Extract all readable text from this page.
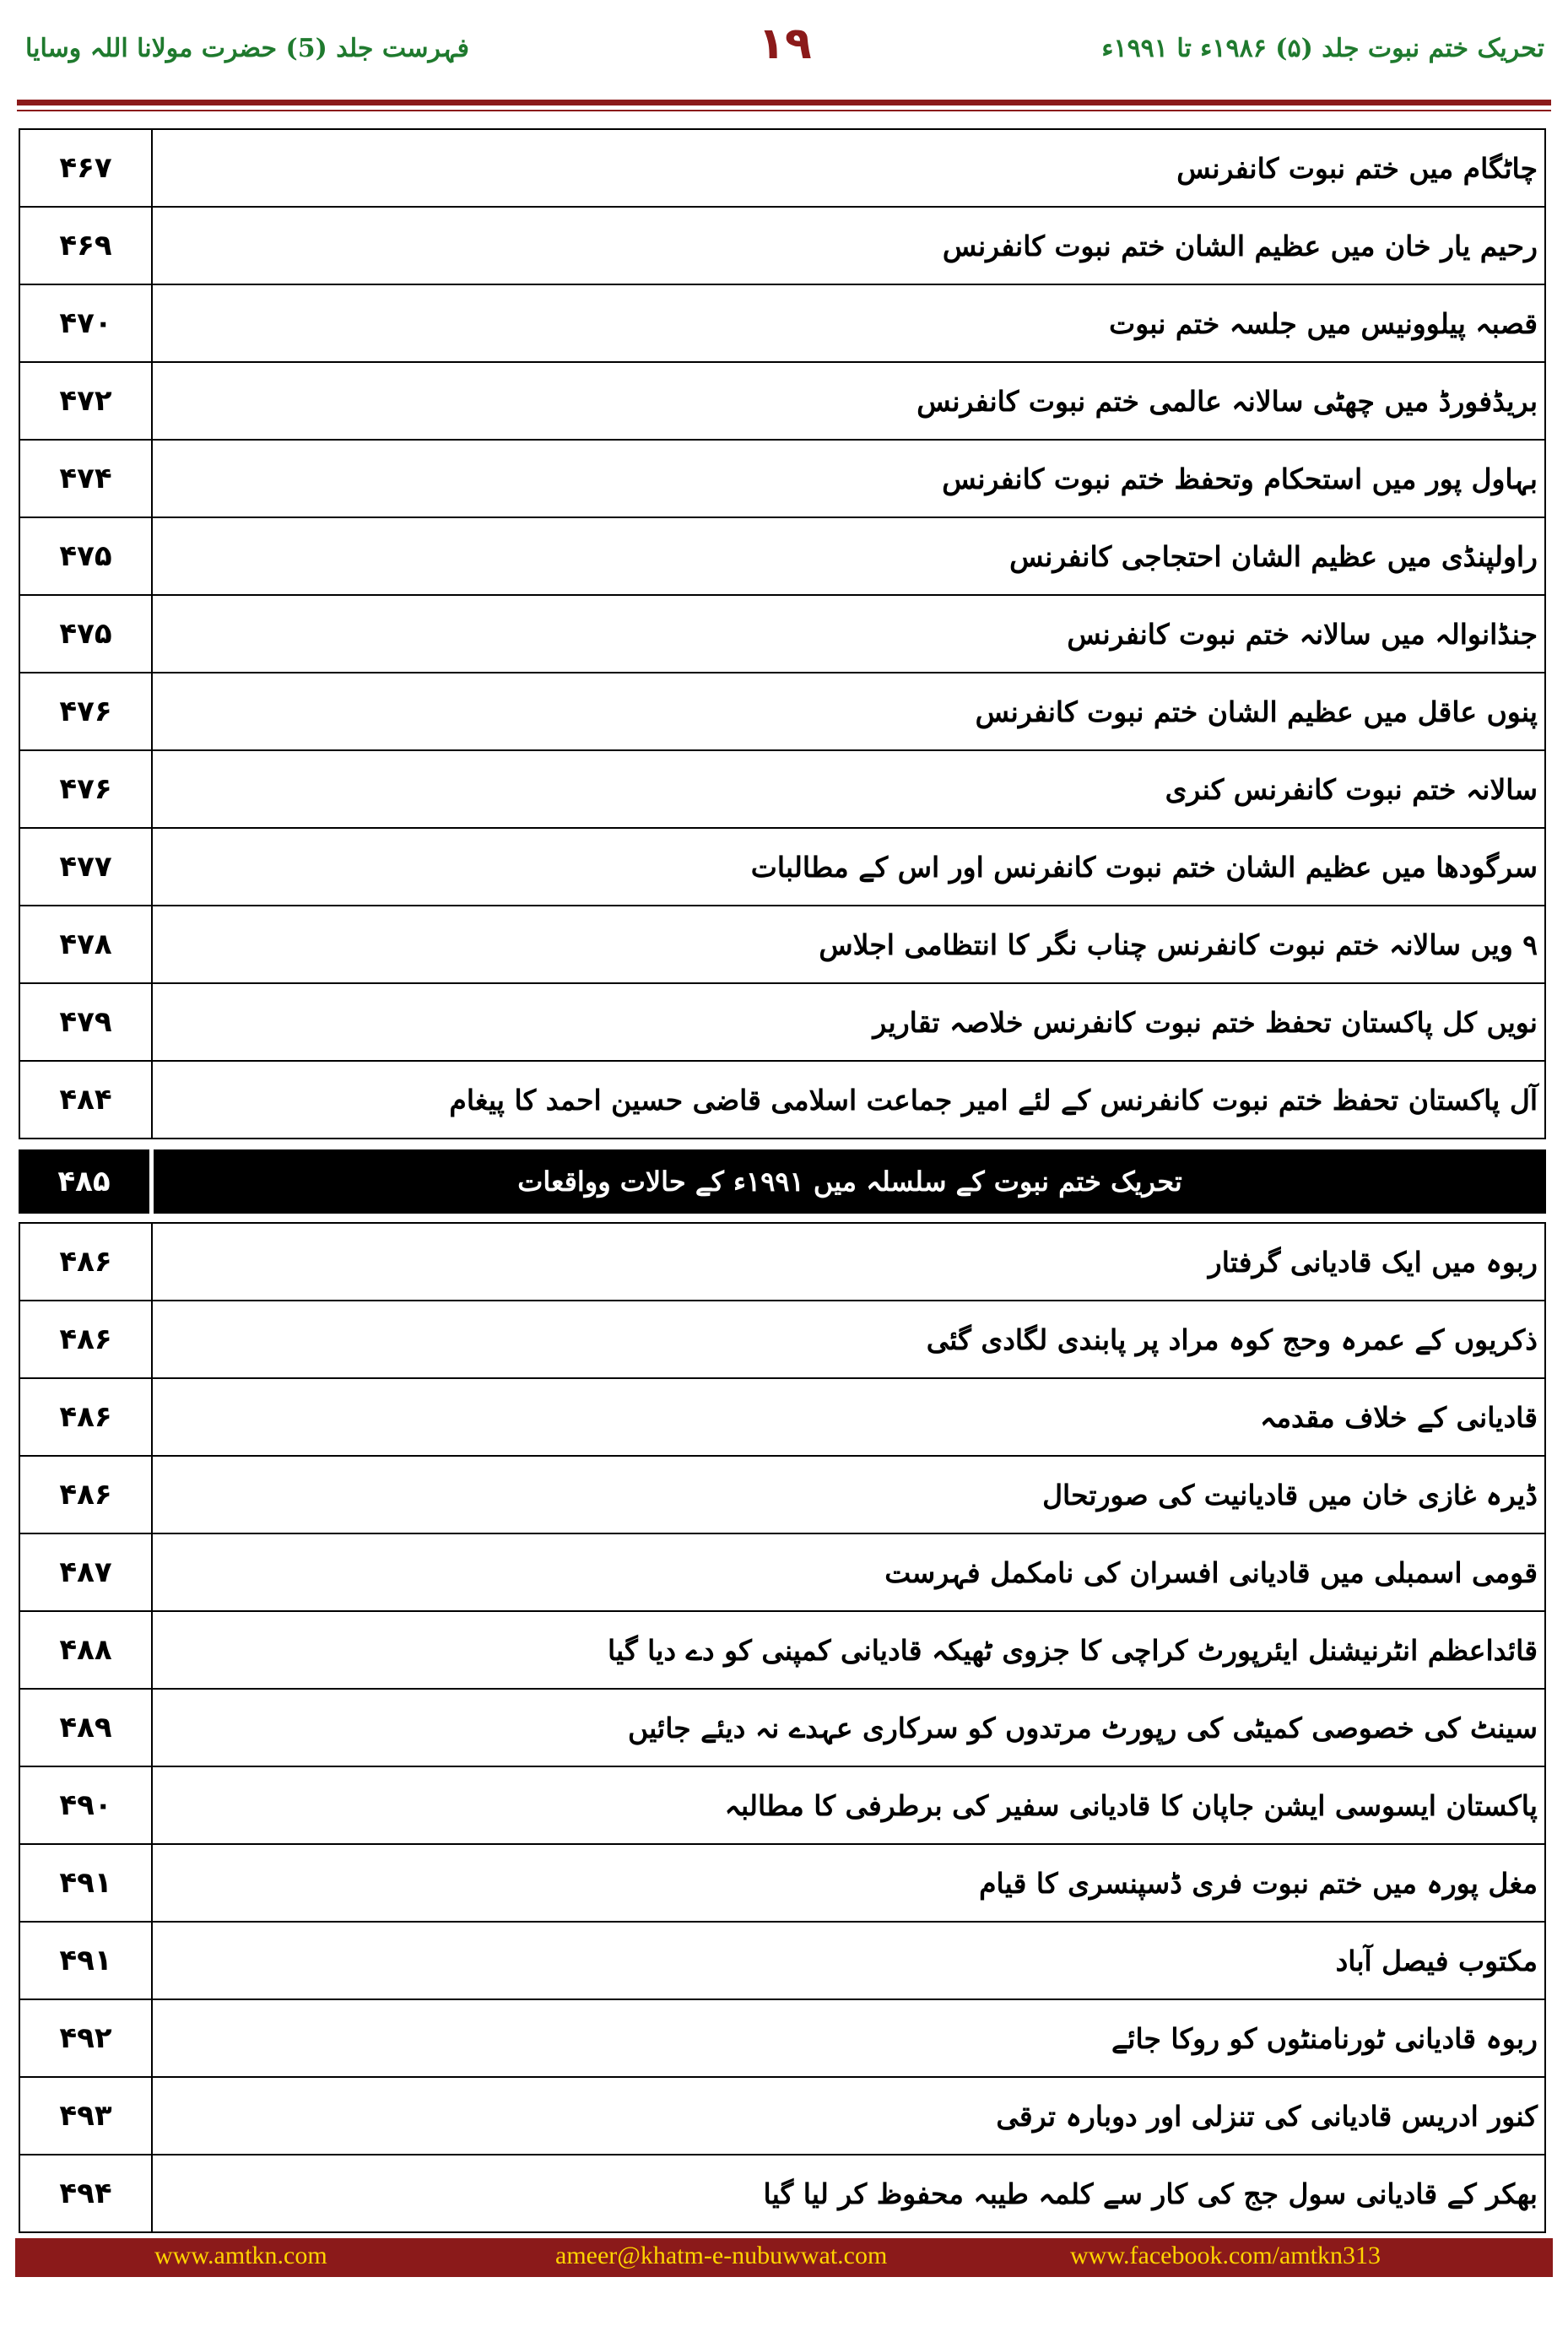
فہرست جلد (5) حضرت مولانا اللہ وسایا	١٩	تحریک ختم نبوت جلد (۵) ۱۹۸۶ء تا ۱۹۹۱ء
۴۶۷	چاٹگام میں ختم نبوت کانفرنس
۴۶۹	رحیم یار خان میں عظیم الشان ختم نبوت کانفرنس
۴۷۰	قصبہ پیلوونیس میں جلسہ ختم نبوت
۴۷۲	بریڈفورڈ میں چھٹی سالانہ عالمی ختم نبوت کانفرنس
۴۷۴	بہاول پور میں استحکام وتحفظ ختم نبوت کانفرنس
۴۷۵	راولپنڈی میں عظیم الشان احتجاجی کانفرنس
۴۷۵	جنڈانوالہ میں سالانہ ختم نبوت کانفرنس
۴۷۶	پنوں عاقل میں عظیم الشان ختم نبوت کانفرنس
۴۷۶	سالانہ ختم نبوت کانفرنس کنری
۴۷۷	سرگودھا میں عظیم الشان ختم نبوت کانفرنس اور اس کے مطالبات
۴۷۸	۹ ویں سالانہ ختم نبوت کانفرنس چناب نگر کا انتظامی اجلاس
۴۷۹	نویں کل پاکستان تحفظ ختم نبوت کانفرنس خلاصہ تقاریر
۴۸۴	آل پاکستان تحفظ ختم نبوت کانفرنس کے لئے امیر جماعت اسلامی قاضی حسین احمد کا پیغام
۴۸۵	تحریک ختم نبوت کے سلسلہ میں ۱۹۹۱ء کے حالات وواقعات
۴۸۶	ربوہ میں ایک قادیانی گرفتار
۴۸۶	ذکریوں کے عمرہ وحج کوہ مراد پر پابندی لگادی گئی
۴۸۶	قادیانی کے خلاف مقدمہ
۴۸۶	ڈیرہ غازی خان میں قادیانیت کی صورتحال
۴۸۷	قومی اسمبلی میں قادیانی افسران کی نامکمل فہرست
۴۸۸	قائداعظم انٹرنیشنل ایئرپورٹ کراچی کا جزوی ٹھیکہ قادیانی کمپنی کو دے دیا گیا
۴۸۹	سینٹ کی خصوصی کمیٹی کی رپورٹ مرتدوں کو سرکاری عہدے نہ دیئے جائیں
۴۹۰	پاکستان ایسوسی ایشن جاپان کا قادیانی سفیر کی برطرفی کا مطالبہ
۴۹۱	مغل پورہ میں ختم نبوت فری ڈسپنسری کا قیام
۴۹۱	مکتوب فیصل آباد
۴۹۲	ربوہ قادیانی ٹورنامنٹوں کو روکا جائے
۴۹۳	کنور ادریس قادیانی کی تنزلی اور دوبارہ ترقی
۴۹۴	بھکر کے قادیانی سول جج کی کار سے کلمہ طیبہ محفوظ کر لیا گیا
www.amtkn.com	ameer@khatm-e-nubuwwat.com	www.facebook.com/amtkn313
